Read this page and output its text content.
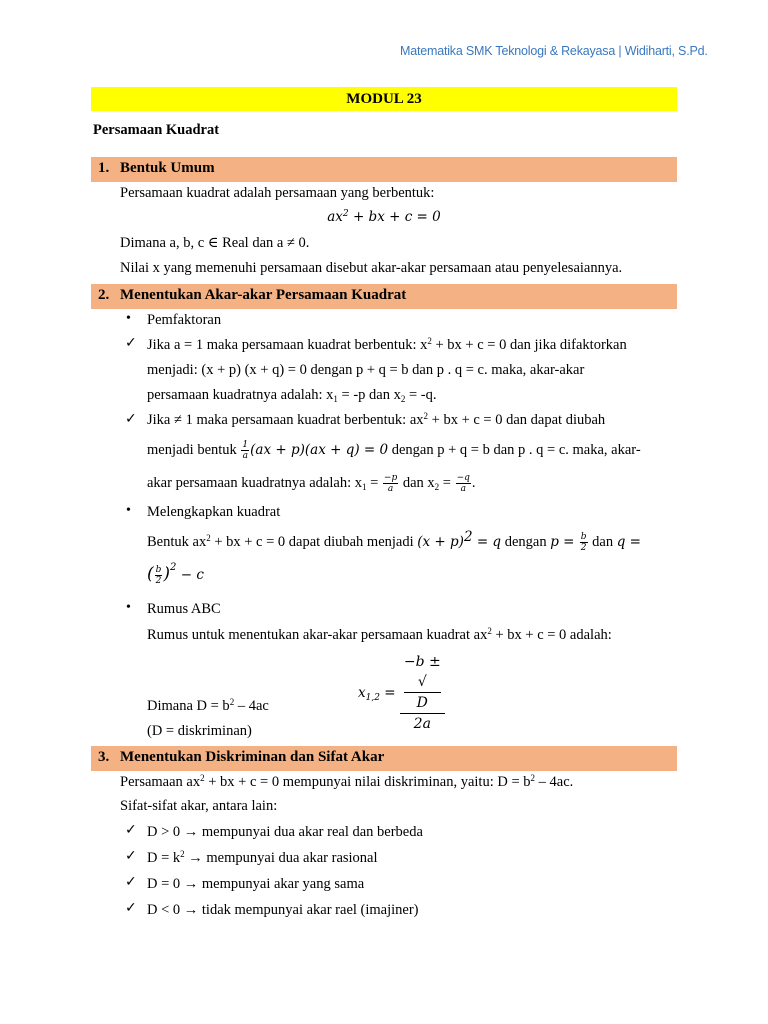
Matematika SMK Teknologi & Rekayasa | Widiharti, S.Pd.
MODUL 23
Persamaan Kuadrat
1. Bentuk Umum
Persamaan kuadrat adalah persamaan yang berbentuk:
$ax^2$ + bx + c = 0
Dimana a, b, c ∈ Real dan a ≠ 0.
Nilai x yang memenuhi persamaan disebut akar-akar persamaan atau penyelesaiannya.
2. Menentukan Akar-akar Persamaan Kuadrat
• Pemfaktoran
✓ Jika a = 1 maka persamaan kuadrat berbentuk: $x^2$ + bx + c = 0 dan jika difaktorkan
menjadi: (x + p) (x + q) = 0 dengan p + q = b dan p . q = c. maka, akar-akar
persamaan kuadratnya adalah: $x_1 = -p$ dan $x_2 = -q$.
✓ Jika ≠ 1 maka persamaan kuadrat berbentuk: $ax^2$ + bx + c = 0 dan dapat diubah
menjadi bentuk $\frac{1}{a} (ax + p)(ax + q) = 0$ dengan p + q = b dan p . q = c. maka, akar-
akar persamaan kuadratnya adalah: $x_1 = \frac{-p}{a}$ dan $x_2 = \frac{-q}{a}$ .
• Melengkapkan kuadrat
Bentuk $ax^2$ + bx + c = 0 dapat diubah menjadi $(x + p)^2 = q$ dengan $p = \frac{b}{2}$ dan q =
( $\frac{b}{2} )^2 - c$
• Rumus ABC
Rumus untuk menentukan akar-akar persamaan kuadrat $ax^2$ + bx + c = 0 adalah:
$x_{1,2} = -b$ ±
√
D
2a
Dimana $D = b^2 - 4ac$
(D = diskriminan)
3. Menentukan Diskriminan dan Sifat Akar
Persamaan $ax^2$ + bx + c = 0 mempunyai nilai diskriminan, yaitu: $D = b^2 - 4ac$.
Sifat-sifat akar, antara lain:
✓ D > 0 → mempunyai dua akar real dan berbeda
✓ $D = k^2$ → mempunyai dua akar rasional
✓ D = 0 → mempunyai akar yang sama
✓ D < 0 → tidak mempunyai akar rael (imajiner)
